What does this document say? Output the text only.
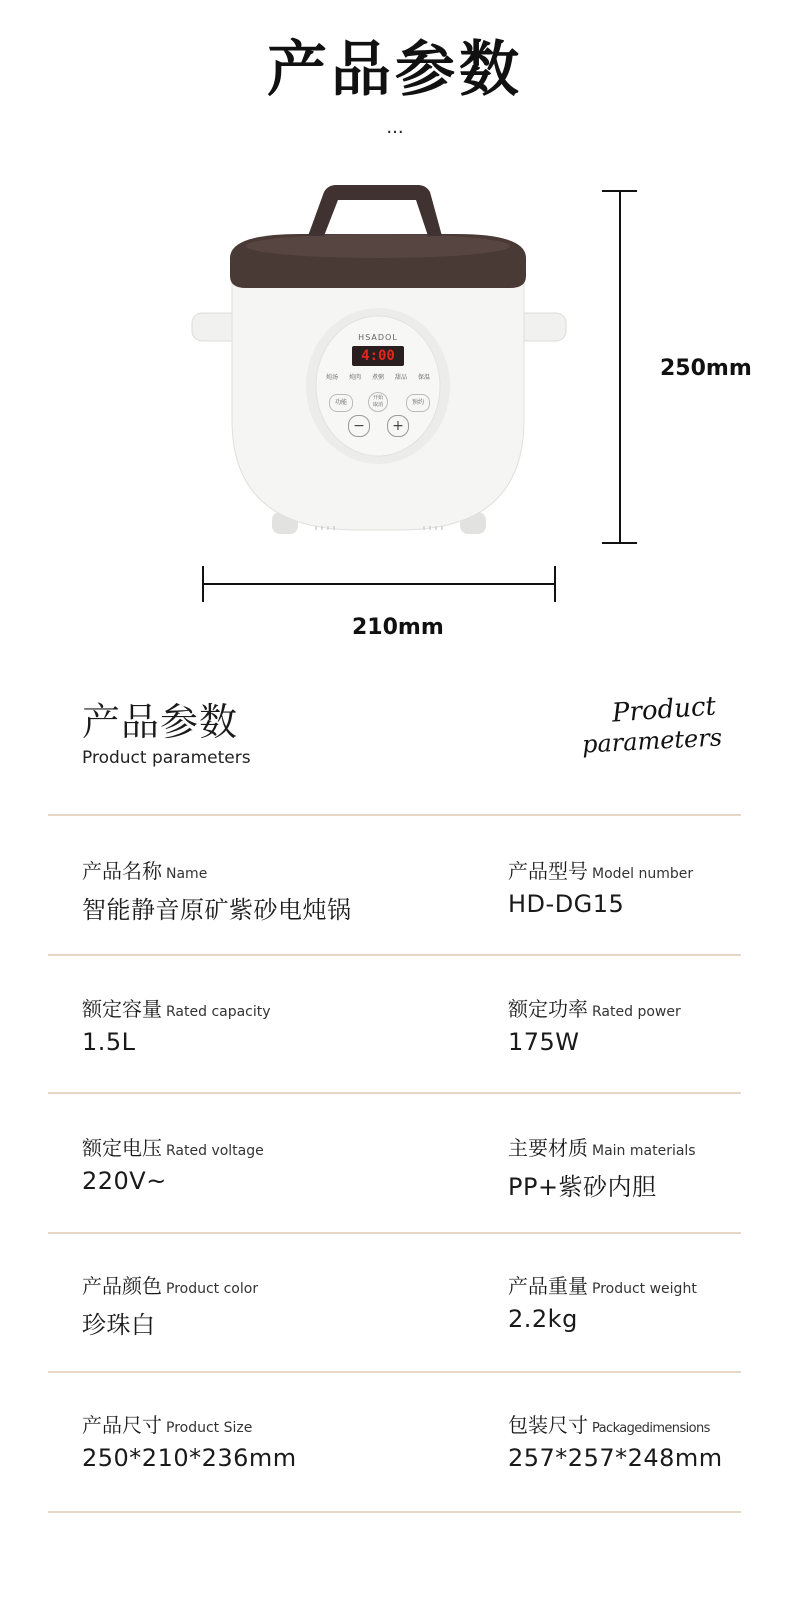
产品参数
...
HSADOL
4:00
炖汤 炖肉 煮粥 甜品 保温
功能
开始
取消	预约
−	+
250mm
210mm
产品参数
Product parameters
Product
parameters
产品名称 Name
智能静音原矿紫砂电炖锅
产品型号 Model number
HD-DG15
额定容量 Rated capacity
1.5L
额定功率 Rated power
175W
额定电压 Rated voltage
220V~
主要材质 Main materials
PP+紫砂内胆
产品颜色 Product color
珍珠白
产品重量 Product weight
2.2kg
产品尺寸 Product Size
250*210*236mm
包装尺寸 Packagedimensions
257*257*248mm
